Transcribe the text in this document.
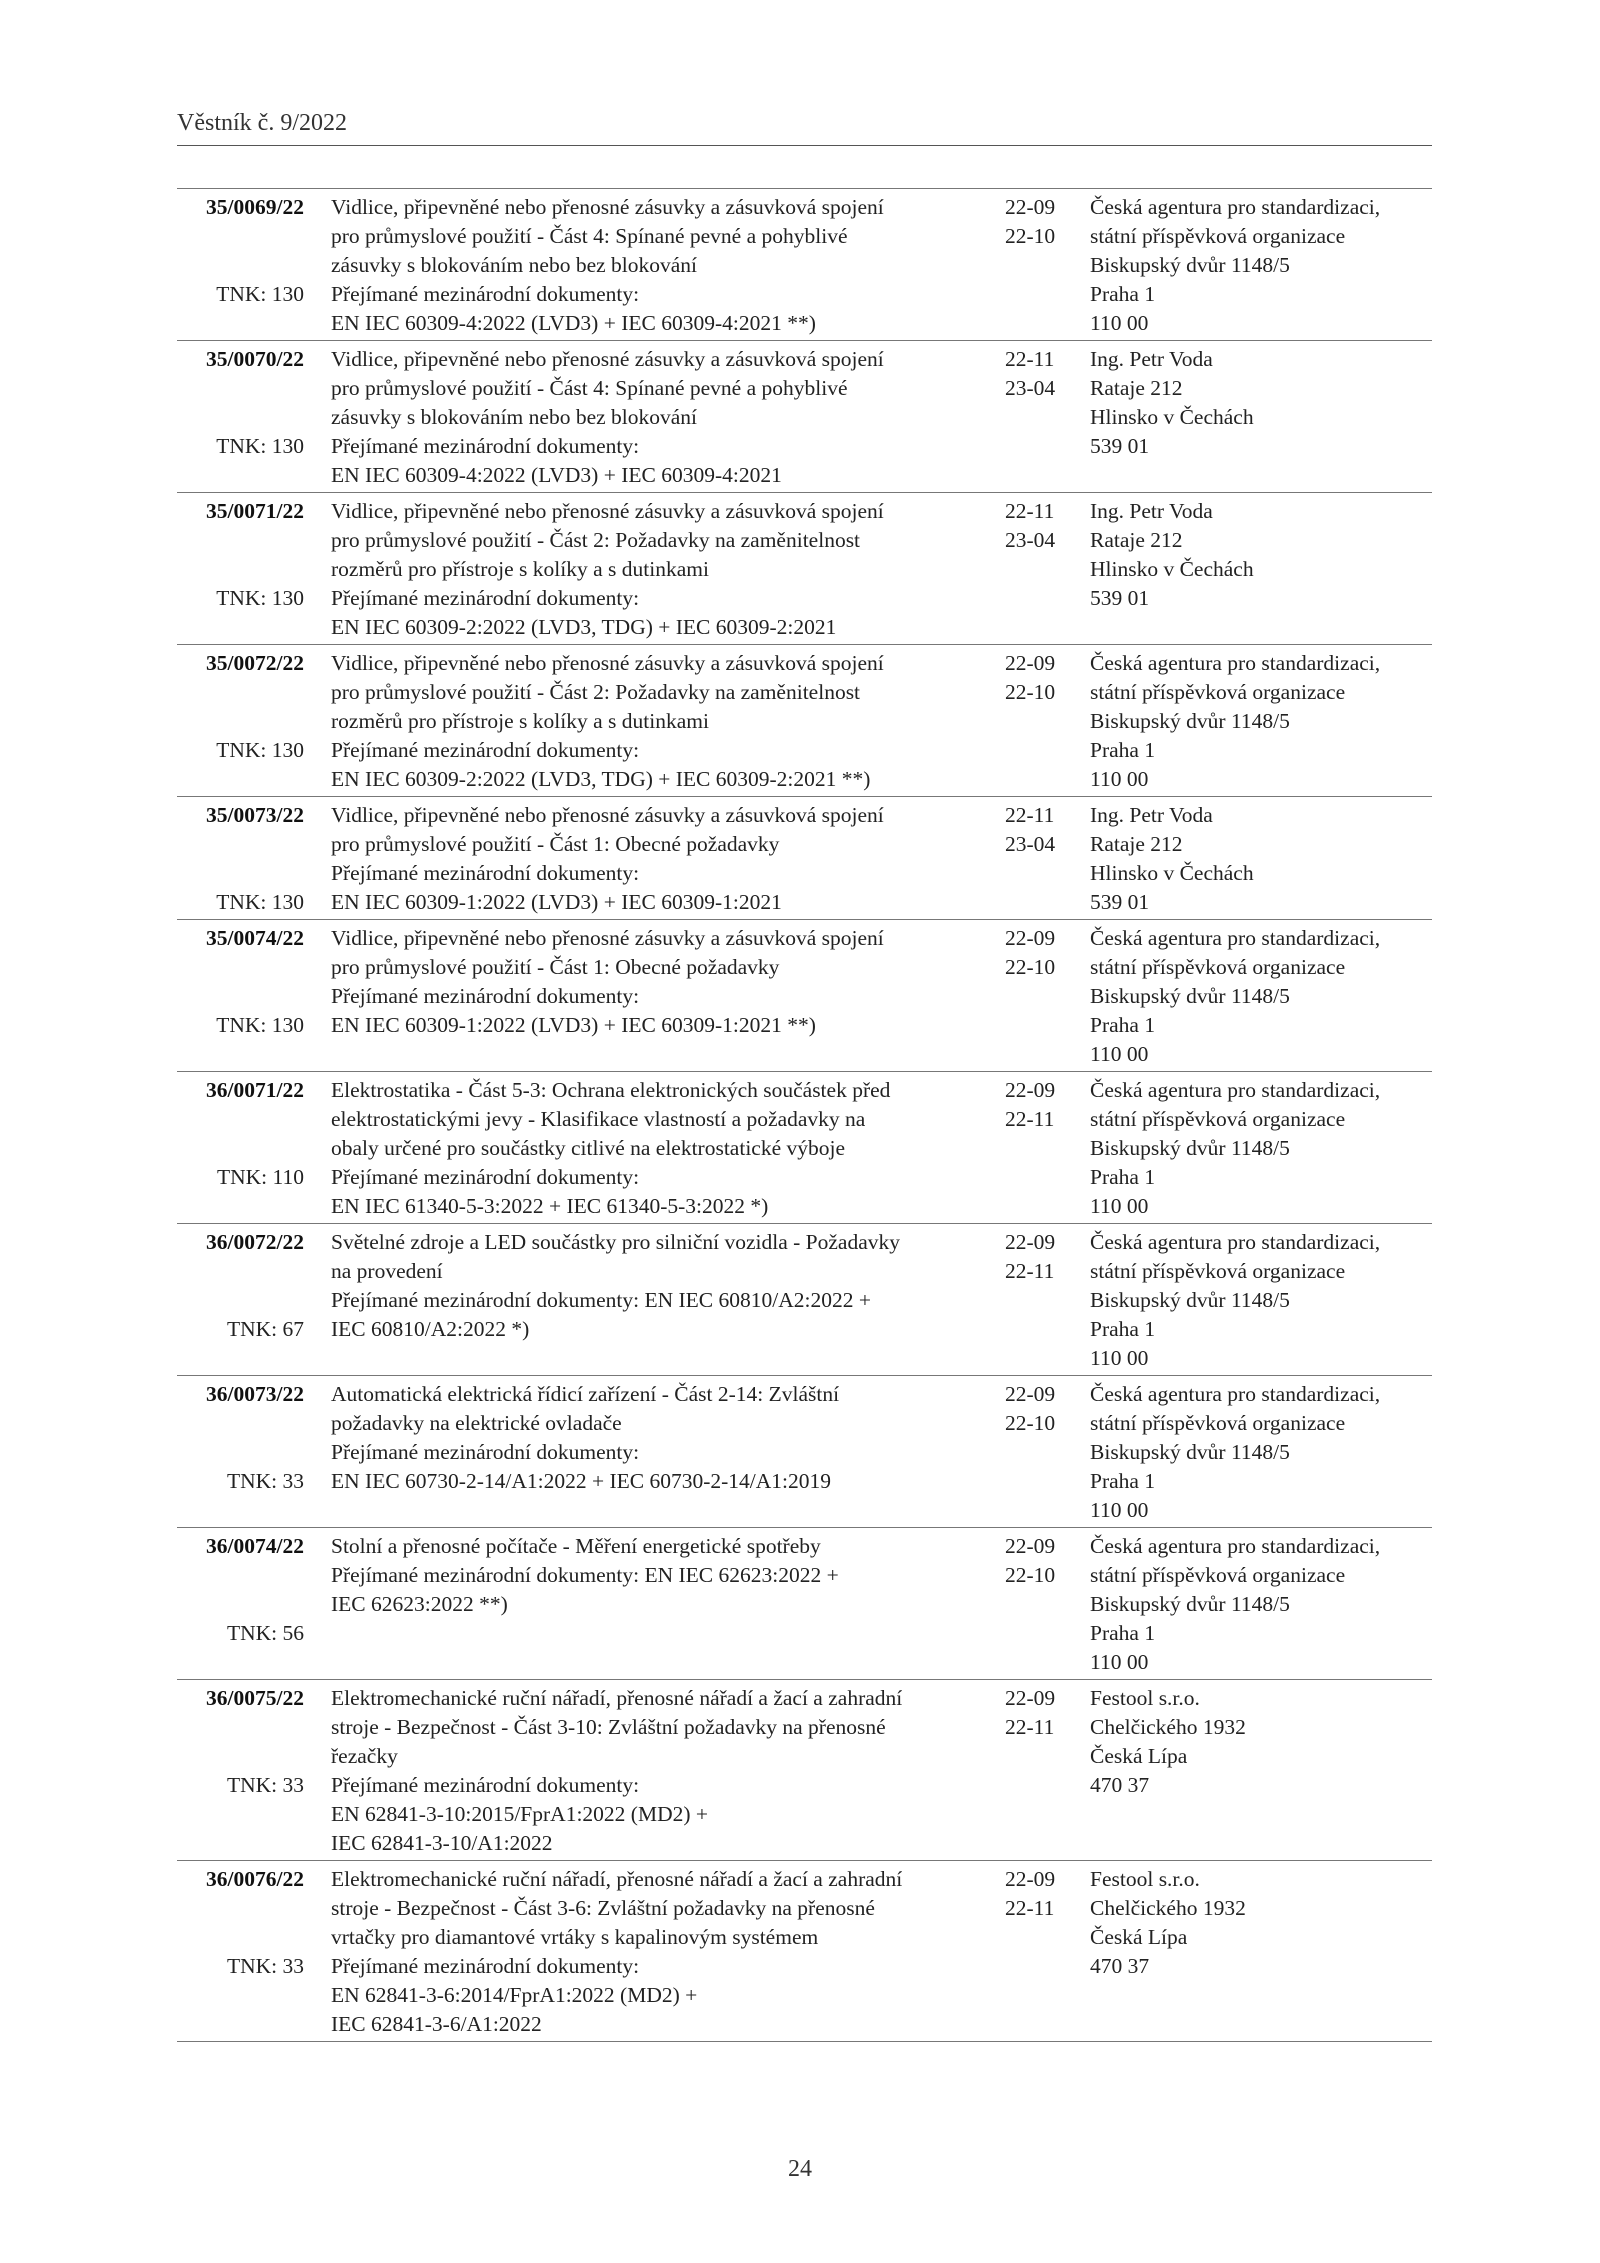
Věstník č. 9/2022
35/0069/22
TNK: 130
Vidlice, připevněné nebo přenosné zásuvky a zásuvková spojení
pro průmyslové použití - Část 4: Spínané pevné a pohyblivé
zásuvky s blokováním nebo bez blokování
Přejímané mezinárodní dokumenty:
EN IEC 60309-4:2022 (LVD3) + IEC 60309-4:2021 **)
22-09
22-10
Česká agentura pro standardizaci,
státní příspěvková organizace
Biskupský dvůr 1148/5
Praha 1
110 00
35/0070/22
TNK: 130
Vidlice, připevněné nebo přenosné zásuvky a zásuvková spojení
pro průmyslové použití - Část 4: Spínané pevné a pohyblivé
zásuvky s blokováním nebo bez blokování
Přejímané mezinárodní dokumenty:
EN IEC 60309-4:2022 (LVD3) + IEC 60309-4:2021
22-11
23-04
Ing. Petr Voda
Rataje 212
Hlinsko v Čechách
539 01
35/0071/22
TNK: 130
Vidlice, připevněné nebo přenosné zásuvky a zásuvková spojení
pro průmyslové použití - Část 2: Požadavky na zaměnitelnost
rozměrů pro přístroje s kolíky a s dutinkami
Přejímané mezinárodní dokumenty:
EN IEC 60309-2:2022 (LVD3, TDG) + IEC 60309-2:2021
22-11
23-04
Ing. Petr Voda
Rataje 212
Hlinsko v Čechách
539 01
35/0072/22
TNK: 130
Vidlice, připevněné nebo přenosné zásuvky a zásuvková spojení
pro průmyslové použití - Část 2: Požadavky na zaměnitelnost
rozměrů pro přístroje s kolíky a s dutinkami
Přejímané mezinárodní dokumenty:
EN IEC 60309-2:2022 (LVD3, TDG) + IEC 60309-2:2021 **)
22-09
22-10
Česká agentura pro standardizaci,
státní příspěvková organizace
Biskupský dvůr 1148/5
Praha 1
110 00
35/0073/22
TNK: 130
Vidlice, připevněné nebo přenosné zásuvky a zásuvková spojení
pro průmyslové použití - Část 1: Obecné požadavky
Přejímané mezinárodní dokumenty:
EN IEC 60309-1:2022 (LVD3) + IEC 60309-1:2021
22-11
23-04
Ing. Petr Voda
Rataje 212
Hlinsko v Čechách
539 01
35/0074/22
TNK: 130
Vidlice, připevněné nebo přenosné zásuvky a zásuvková spojení
pro průmyslové použití - Část 1: Obecné požadavky
Přejímané mezinárodní dokumenty:
EN IEC 60309-1:2022 (LVD3) + IEC 60309-1:2021 **)
22-09
22-10
Česká agentura pro standardizaci,
státní příspěvková organizace
Biskupský dvůr 1148/5
Praha 1
110 00
36/0071/22
TNK: 110
Elektrostatika - Část 5-3: Ochrana elektronických součástek před
elektrostatickými jevy - Klasifikace vlastností a požadavky na
obaly určené pro součástky citlivé na elektrostatické výboje
Přejímané mezinárodní dokumenty:
EN IEC 61340-5-3:2022 + IEC 61340-5-3:2022 *)
22-09
22-11
Česká agentura pro standardizaci,
státní příspěvková organizace
Biskupský dvůr 1148/5
Praha 1
110 00
36/0072/22
TNK: 67
Světelné zdroje a LED součástky pro silniční vozidla - Požadavky
na provedení
Přejímané mezinárodní dokumenty: EN IEC 60810/A2:2022 +
IEC 60810/A2:2022 *)
22-09
22-11
Česká agentura pro standardizaci,
státní příspěvková organizace
Biskupský dvůr 1148/5
Praha 1
110 00
36/0073/22
TNK: 33
Automatická elektrická řídicí zařízení - Část 2-14: Zvláštní
požadavky na elektrické ovladače
Přejímané mezinárodní dokumenty:
EN IEC 60730-2-14/A1:2022 + IEC 60730-2-14/A1:2019
22-09
22-10
Česká agentura pro standardizaci,
státní příspěvková organizace
Biskupský dvůr 1148/5
Praha 1
110 00
36/0074/22
TNK: 56
Stolní a přenosné počítače - Měření energetické spotřeby
Přejímané mezinárodní dokumenty: EN IEC 62623:2022 +
IEC 62623:2022 **)
22-09
22-10
Česká agentura pro standardizaci,
státní příspěvková organizace
Biskupský dvůr 1148/5
Praha 1
110 00
36/0075/22
TNK: 33
Elektromechanické ruční nářadí, přenosné nářadí a žací a zahradní
stroje - Bezpečnost - Část 3-10: Zvláštní požadavky na přenosné
řezačky
Přejímané mezinárodní dokumenty:
EN 62841-3-10:2015/FprA1:2022 (MD2) +
IEC 62841-3-10/A1:2022
22-09
22-11
Festool s.r.o.
Chelčického 1932
Česká Lípa
470 37
36/0076/22
TNK: 33
Elektromechanické ruční nářadí, přenosné nářadí a žací a zahradní
stroje - Bezpečnost - Část 3-6: Zvláštní požadavky na přenosné
vrtačky pro diamantové vrtáky s kapalinovým systémem
Přejímané mezinárodní dokumenty:
EN 62841-3-6:2014/FprA1:2022 (MD2) +
IEC 62841-3-6/A1:2022
22-09
22-11
Festool s.r.o.
Chelčického 1932
Česká Lípa
470 37
24
